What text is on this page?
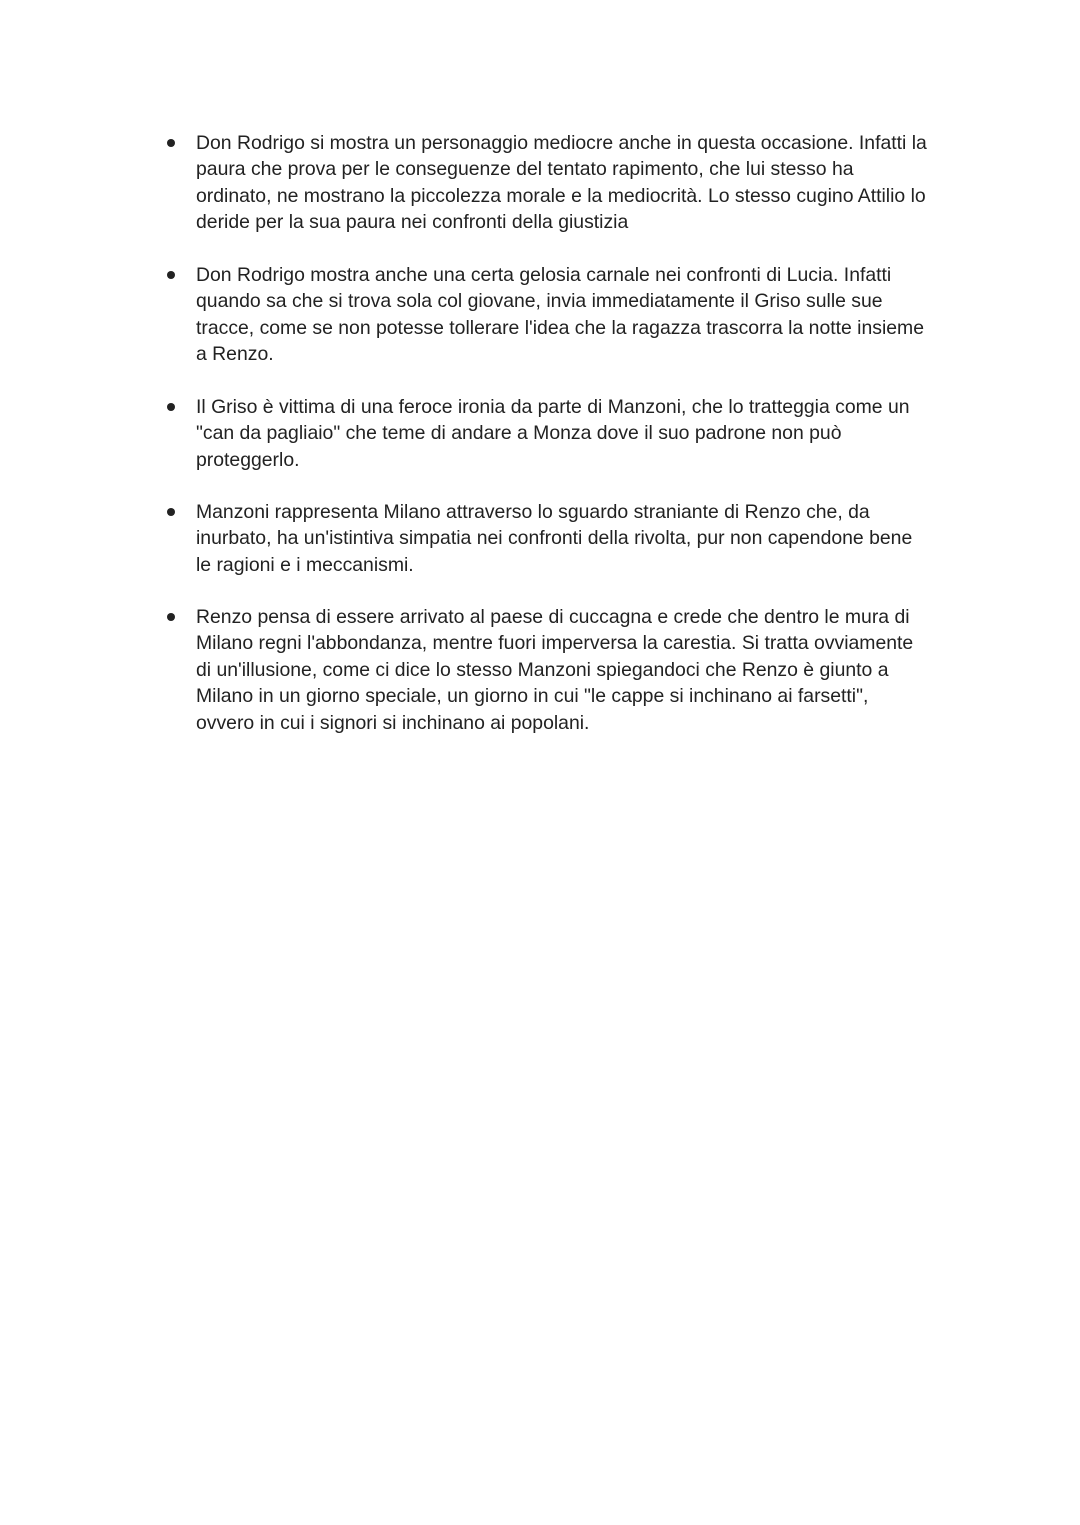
Don Rodrigo si mostra un personaggio mediocre anche in questa occasione. Infatti la
paura che prova per le conseguenze del tentato rapimento, che lui stesso ha
ordinato, ne mostrano la piccolezza morale e la mediocrità. Lo stesso cugino Attilio lo
deride per la sua paura nei confronti della giustizia

Don Rodrigo mostra anche una certa gelosia carnale nei confronti di Lucia. Infatti
quando sa che si trova sola col giovane, invia immediatamente il Griso sulle sue
tracce, come se non potesse tollerare l'idea che la ragazza trascorra la notte insieme
a Renzo.

Il Griso è vittima di una feroce ironia da parte di Manzoni, che lo tratteggia come un
"can da pagliaio" che teme di andare a Monza dove il suo padrone non può
proteggerlo.

Manzoni rappresenta Milano attraverso lo sguardo straniante di Renzo che, da
inurbato, ha un'istintiva simpatia nei confronti della rivolta, pur non capendone bene
le ragioni e i meccanismi.

Renzo pensa di essere arrivato al paese di cuccagna e crede che dentro le mura di
Milano regni l'abbondanza, mentre fuori imperversa la carestia. Si tratta ovviamente
di un'illusione, come ci dice lo stesso Manzoni spiegandoci che Renzo è giunto a
Milano in un giorno speciale, un giorno in cui "le cappe si inchinano ai farsetti",
ovvero in cui i signori si inchinano ai popolani.
